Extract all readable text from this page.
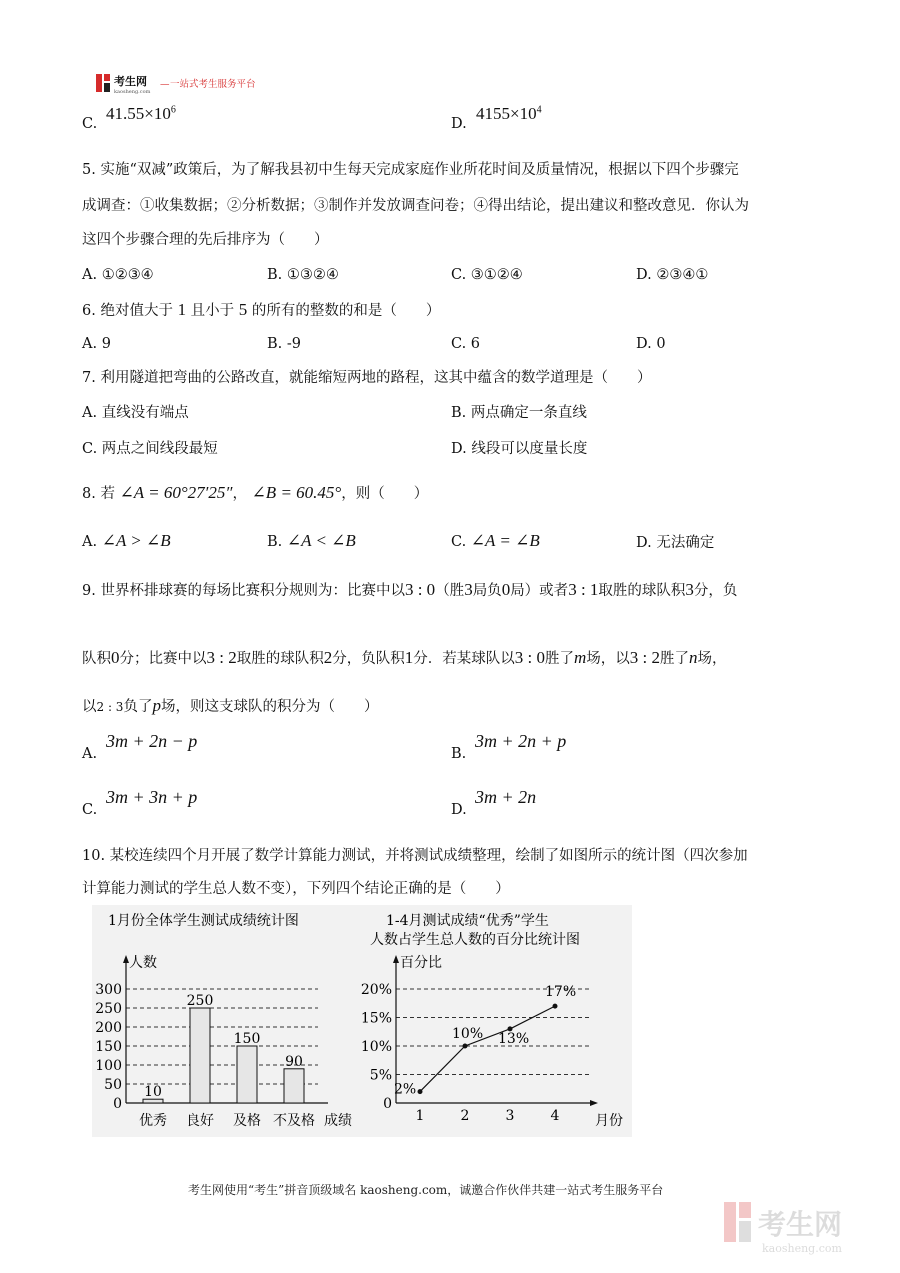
考生网
kaosheng.com
— 一站式考生服务平台
C.
$41.55\times 10^6$
D.
$4155\times 10^4$
5. 实施“双减”政策后，为了解我县初中生每天完成家庭作业所花时间及质量情况，根据以下四个步骤完
成调查：①收集数据；②分析数据；③制作并发放调查问卷；④得出结论，提出建议和整改意见．你认为
这四个步骤合理的先后排序为（　　）
A. ①②③④	B. ①③②④	C. ③①②④	D. ②③④①
6. 绝对值大于 1 且小于 5 的所有的整数的和是（　　）
A. 9	B. -9	C. 6	D. 0
7. 利用隧道把弯曲的公路改直，就能缩短两地的路程，这其中蕴含的数学道理是（　　）
A. 直线没有端点	B. 两点确定一条直线
C. 两点之间线段最短	D. 线段可以度量长度
8. 若 ∠A = 60°27′25″， ∠B = 60.45°，则（　　）
A. ∠A > ∠B	B. ∠A < ∠B	C. ∠A = ∠B	D. 无法确定
9. 世界杯排球赛的每场比赛积分规则为：比赛中以3 : 0（胜3局负0局）或者3 : 1取胜的球队积3分，负
队积0分；比赛中以3 : 2取胜的球队积2分，负队积1分．若某球队以3 : 0胜了m场，以3 : 2胜了n场，
以2 : 3负了p场，则这支球队的积分为（　　）
A.
3m + 2n − p
B.
3m + 2n + p
C.
3m + 3n + p
D.
3m + 2n
10. 某校连续四个月开展了数学计算能力测试，并将测试成绩整理，绘制了如图所示的统计图（四次参加
计算能力测试的学生总人数不变），下列四个结论正确的是（　　）
1月份全体学生测试成绩统计图
人数
成绩
0
50
100
150
200
250
300
10
优秀
250
良好
150
及格
90
不及格
1-4月测试成绩“优秀”学生
人数占学生总人数的百分比统计图
百分比
月份
0
5%
10%
15%
20%
2%
1
10%
2
13%
3
17%
4
考生网使用“考生”拼音顶级域名 kaosheng.com，诚邀合作伙伴共建一站式考生服务平台
考生网
kaosheng.com
